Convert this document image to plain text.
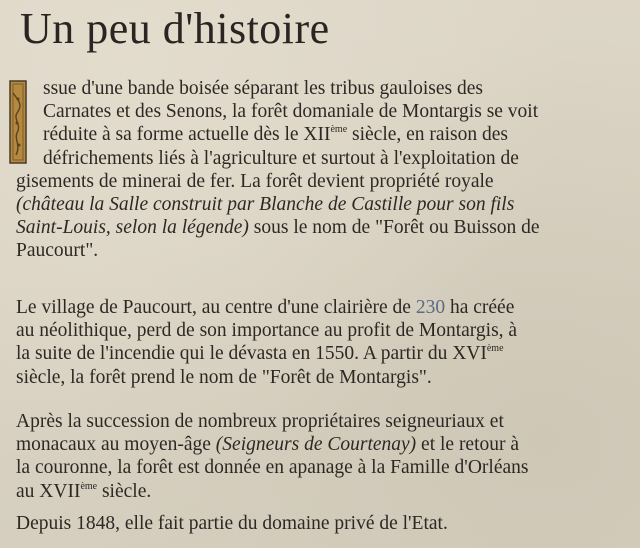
Un peu d'histoire
ssue d'une bande boisée séparant les tribus gauloises des
Carnates et des Senons, la forêt domaniale de Montargis se voit
réduite à sa forme actuelle dès le XIIème siècle, en raison des
défrichements liés à l'agriculture et surtout à l'exploitation de
gisements de minerai de fer. La forêt devient propriété royale
(château la Salle construit par Blanche de Castille pour son fils
Saint-Louis, selon la légende) sous le nom de "Forêt ou Buisson de
Paucourt".
Le village de Paucourt, au centre d'une clairière de 230 ha créée
au néolithique, perd de son importance au profit de Montargis, à
la suite de l'incendie qui le dévasta en 1550. A partir du XVIème
siècle, la forêt prend le nom de "Forêt de Montargis".
Après la succession de nombreux propriétaires seigneuriaux et
monacaux au moyen-âge (Seigneurs de Courtenay) et le retour à
la couronne, la forêt est donnée en apanage à la Famille d'Orléans
au XVIIème siècle.
Depuis 1848, elle fait partie du domaine privé de l'Etat.
